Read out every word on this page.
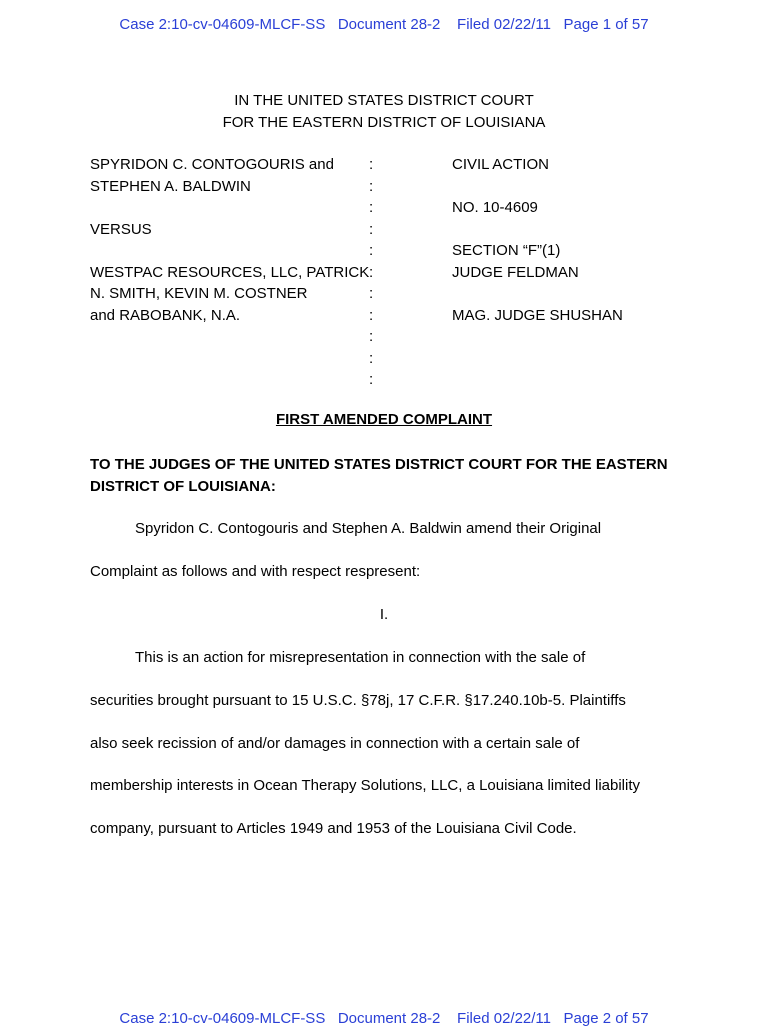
Case 2:10-cv-04609-MLCF-SS   Document 28-2    Filed 02/22/11   Page 1 of 57
IN THE UNITED STATES DISTRICT COURT
FOR THE EASTERN DISTRICT OF LOUISIANA
SPYRIDON C. CONTOGOURIS and
STEPHEN A. BALDWIN
VERSUS
WESTPAC RESOURCES, LLC, PATRICK
N. SMITH, KEVIN M. COSTNER
and RABOBANK, N.A.
:
:
:
:
:
:
:
:
:
:
:
CIVIL ACTION
NO. 10-4609
SECTION “F”(1)
JUDGE FELDMAN
MAG. JUDGE SHUSHAN
FIRST AMENDED COMPLAINT
TO THE JUDGES OF THE UNITED STATES DISTRICT COURT FOR THE EASTERN
DISTRICT OF LOUISIANA:
Spyridon C. Contogouris and Stephen A. Baldwin amend their Original
Complaint as follows and with respect respresent:
I.
This is an action for misrepresentation in connection with the sale of
securities brought pursuant to 15 U.S.C. §78j, 17 C.F.R. §17.240.10b-5. Plaintiffs
also seek recission of and/or damages in connection with a certain sale of
membership interests in Ocean Therapy Solutions, LLC, a Louisiana limited liability
company, pursuant to Articles 1949 and 1953 of the Louisiana Civil Code.
Case 2:10-cv-04609-MLCF-SS   Document 28-2    Filed 02/22/11   Page 2 of 57
